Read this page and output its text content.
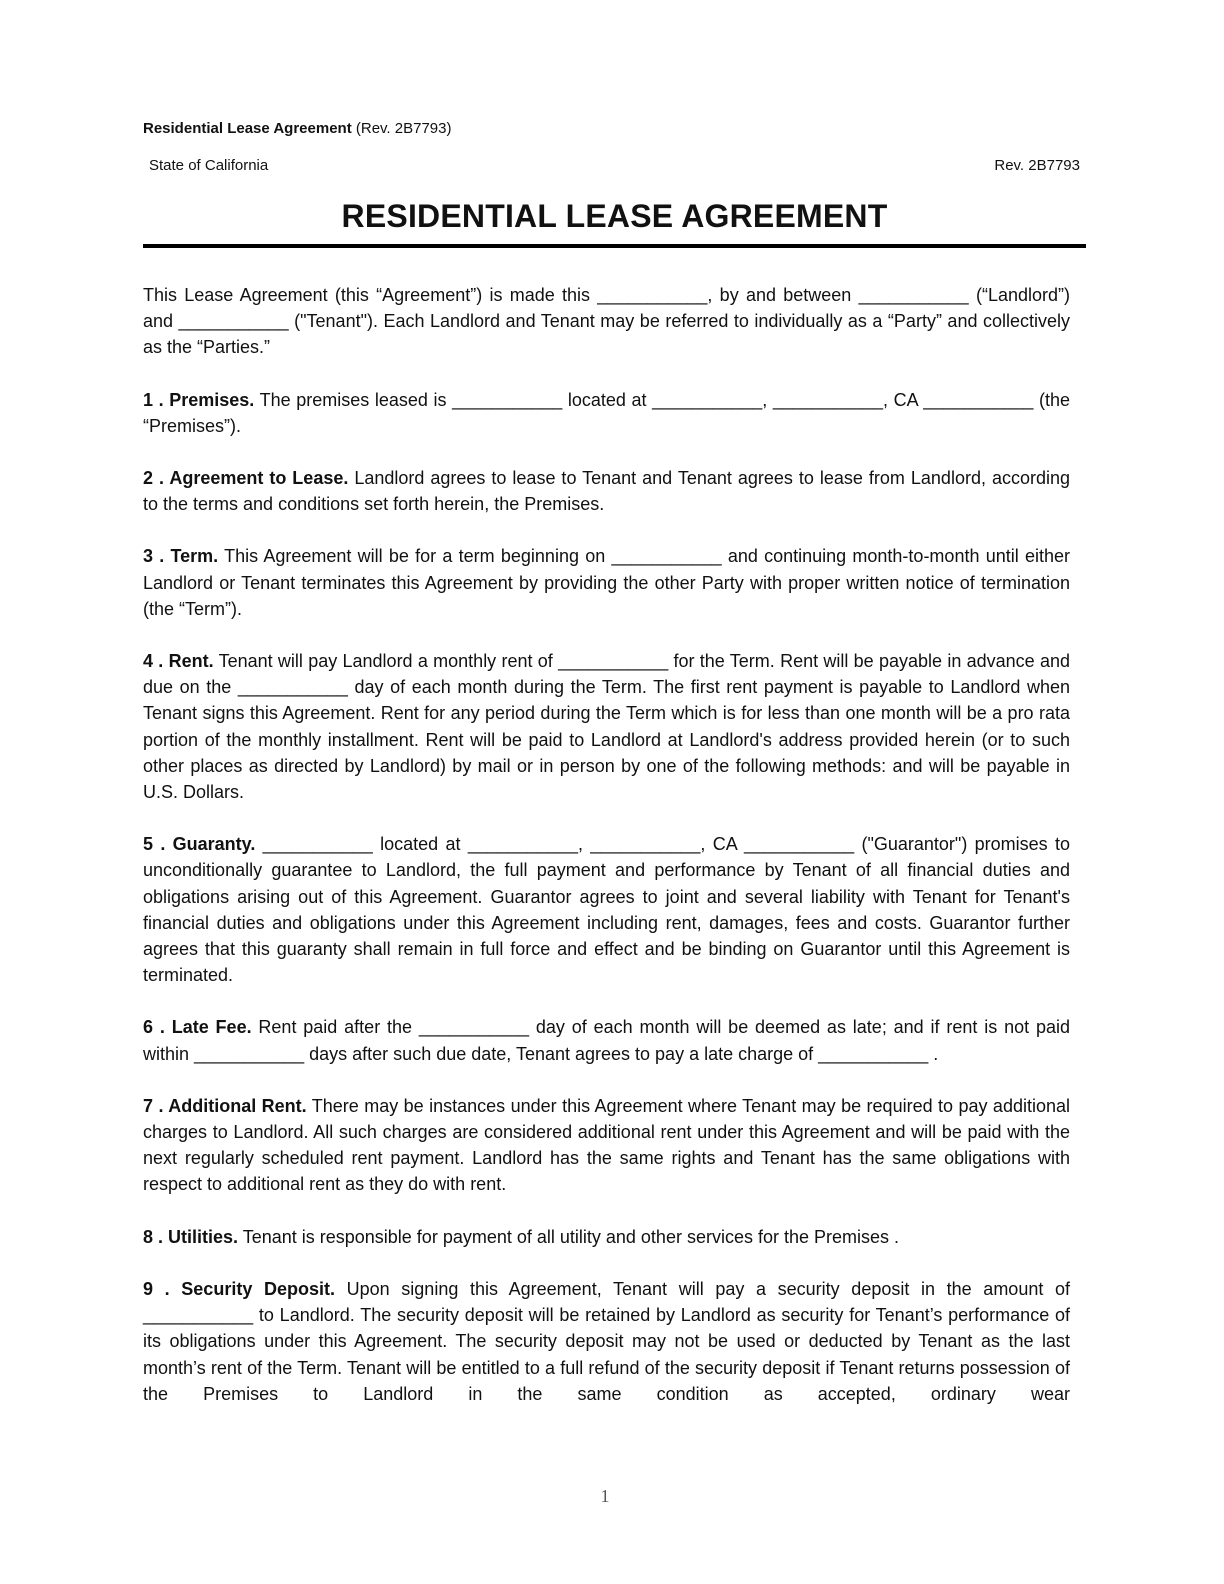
Residential Lease Agreement (Rev. 2B7793)
State of California	Rev. 2B7793
RESIDENTIAL LEASE AGREEMENT

This Lease Agreement (this “Agreement”) is made this ___________, by and between ___________ (“Landlord”) and ___________ ("Tenant"). Each Landlord and Tenant may be referred to individually as a “Party” and collectively as the “Parties.”

1 . Premises. The premises leased is ___________ located at ___________, ___________, CA ___________ (the “Premises”).

2 . Agreement to Lease. Landlord agrees to lease to Tenant and Tenant agrees to lease from Landlord, according to the terms and conditions set forth herein, the Premises.

3 . Term. This Agreement will be for a term beginning on ___________ and continuing month-to-month until either Landlord or Tenant terminates this Agreement by providing the other Party with proper written notice of termination (the “Term”).

4 . Rent. Tenant will pay Landlord a monthly rent of ___________ for the Term. Rent will be payable in advance and due on the ___________ day of each month during the Term. The first rent payment is payable to Landlord when Tenant signs this Agreement. Rent for any period during the Term which is for less than one month will be a pro rata portion of the monthly installment. Rent will be paid to Landlord at Landlord's address provided herein (or to such other places as directed by Landlord) by mail or in person by one of the following methods: and will be payable in U.S. Dollars.

5 . Guaranty. ___________ located at ___________, ___________, CA ___________ ("Guarantor") promises to unconditionally guarantee to Landlord, the full payment and performance by Tenant of all financial duties and obligations arising out of this Agreement. Guarantor agrees to joint and several liability with Tenant for Tenant's financial duties and obligations under this Agreement including rent, damages, fees and costs. Guarantor further agrees that this guaranty shall remain in full force and effect and be binding on Guarantor until this Agreement is terminated.

6 . Late Fee. Rent paid after the ___________ day of each month will be deemed as late; and if rent is not paid within ___________ days after such due date, Tenant agrees to pay a late charge of ___________ .

7 . Additional Rent. There may be instances under this Agreement where Tenant may be required to pay additional charges to Landlord. All such charges are considered additional rent under this Agreement and will be paid with the next regularly scheduled rent payment. Landlord has the same rights and Tenant has the same obligations with respect to additional rent as they do with rent.

8 . Utilities. Tenant is responsible for payment of all utility and other services for the Premises .

9 . Security Deposit. Upon signing this Agreement, Tenant will pay a security deposit in the amount of ___________ to Landlord. The security deposit will be retained by Landlord as security for Tenant’s performance of its obligations under this Agreement. The security deposit may not be used or deducted by Tenant as the last month’s rent of the Term. Tenant will be entitled to a full refund of the security deposit if Tenant returns possession of the Premises to Landlord in the same condition as accepted, ordinary wear

1
